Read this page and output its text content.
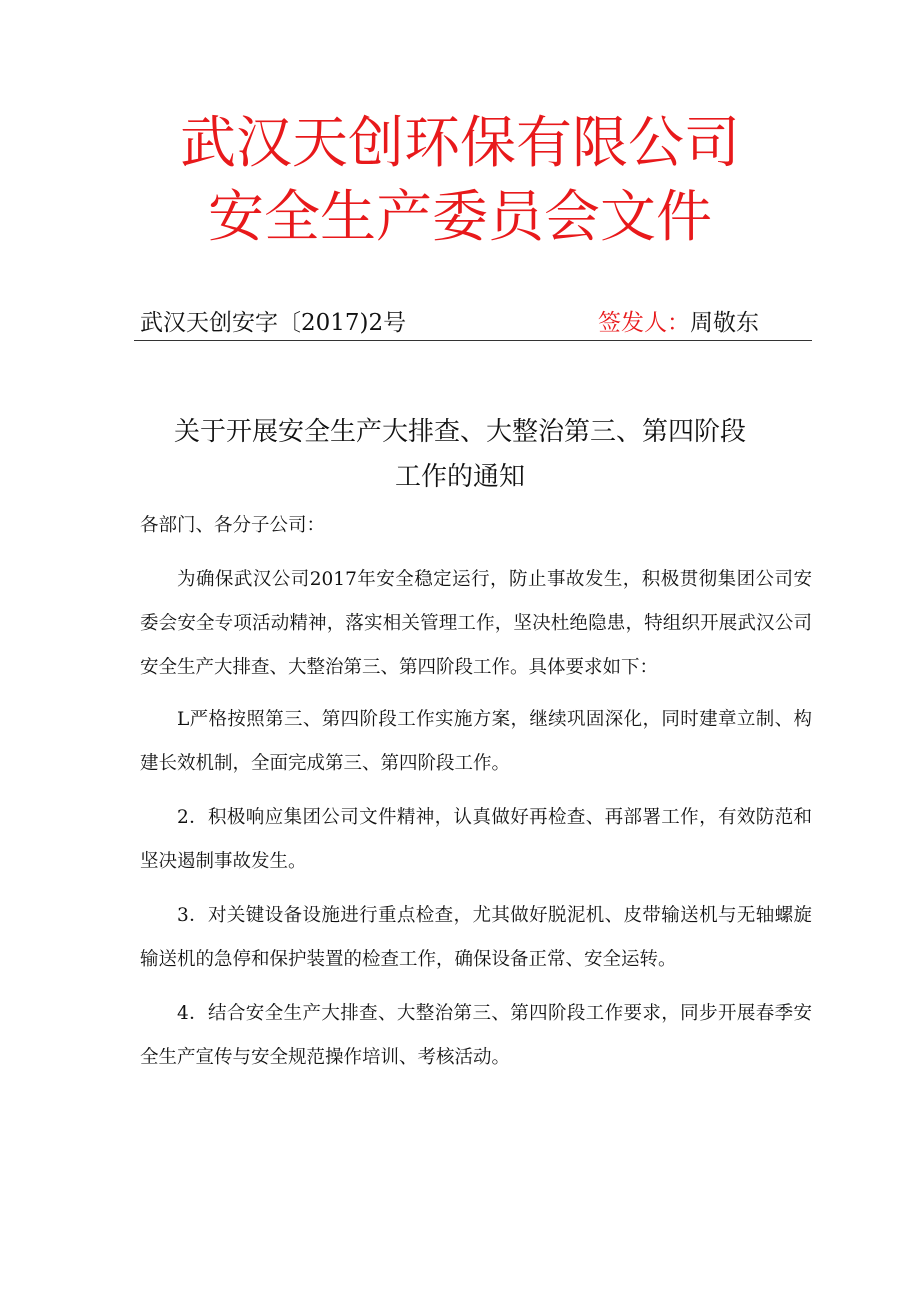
武汉天创环保有限公司
安全生产委员会文件
武汉天创安字〔2017)2号	签发人：周敬东
关于开展安全生产大排查、大整治第三、第四阶段
工作的通知
各部门、各分子公司：
为确保武汉公司2017年安全稳定运行，防止事故发生，积极贯彻集团公司安委会安全专项活动精神，落实相关管理工作，坚决杜绝隐患，特组织开展武汉公司安全生产大排查、大整治第三、第四阶段工作。具体要求如下：
L严格按照第三、第四阶段工作实施方案，继续巩固深化，同时建章立制、构建长效机制，全面完成第三、第四阶段工作。
2．积极响应集团公司文件精神，认真做好再检查、再部署工作，有效防范和坚决遏制事故发生。
3．对关键设备设施进行重点检查，尤其做好脱泥机、皮带输送机与无轴螺旋输送机的急停和保护装置的检查工作，确保设备正常、安全运转。
4．结合安全生产大排查、大整治第三、第四阶段工作要求，同步开展春季安全生产宣传与安全规范操作培训、考核活动。
